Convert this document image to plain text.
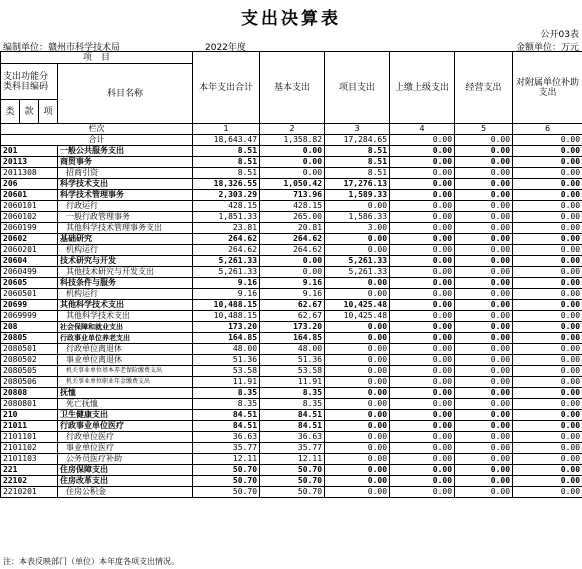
支出决算表
公开03表
编制单位：赣州市科学技术局	2022年度	金额单位：万元
项　目				本年支出合计	基本支出	项目支出	上缴上级支出	经营支出	对附属单位补助支出
支出功能分类科目编码			科目名称						

类	款	项							
栏次				1	2	3	4	5	6
合计				18,643.47	1,358.82	17,284.65	0.00	0.00	0.00
201			一般公共服务支出	8.51	0.00	8.51	0.00	0.00	0.00
20113			商贸事务	8.51	0.00	8.51	0.00	0.00	0.00
2011308			招商引资	8.51	0.00	8.51	0.00	0.00	0.00
206			科学技术支出	18,326.55	1,050.42	17,276.13	0.00	0.00	0.00
20601			科学技术管理事务	2,303.29	713.96	1,589.33	0.00	0.00	0.00
2060101			行政运行	428.15	428.15	0.00	0.00	0.00	0.00
2060102			一般行政管理事务	1,851.33	265.00	1,586.33	0.00	0.00	0.00
2060199			其他科学技术管理事务支出	23.81	20.81	3.00	0.00	0.00	0.00
20602			基础研究	264.62	264.62	0.00	0.00	0.00	0.00
2060201			机构运行	264.62	264.62	0.00	0.00	0.00	0.00
20604			技术研究与开发	5,261.33	0.00	5,261.33	0.00	0.00	0.00
2060499			其他技术研究与开发支出	5,261.33	0.00	5,261.33	0.00	0.00	0.00
20605			科技条件与服务	9.16	9.16	0.00	0.00	0.00	0.00
2060501			机构运行	9.16	9.16	0.00	0.00	0.00	0.00
20699			其他科学技术支出	10,488.15	62.67	10,425.48	0.00	0.00	0.00
2069999			其他科学技术支出	10,488.15	62.67	10,425.48	0.00	0.00	0.00
208			社会保障和就业支出	173.20	173.20	0.00	0.00	0.00	0.00
20805			行政事业单位养老支出	164.85	164.85	0.00	0.00	0.00	0.00
2080501			行政单位离退休	48.00	48.00	0.00	0.00	0.00	0.00
2080502			事业单位离退休	51.36	51.36	0.00	0.00	0.00	0.00
2080505			机关事业单位基本养老保险缴费支出	53.58	53.58	0.00	0.00	0.00	0.00
2080506			机关事业单位职业年金缴费支出	11.91	11.91	0.00	0.00	0.00	0.00
20808			抚恤	8.35	8.35	0.00	0.00	0.00	0.00
2080801			死亡抚恤	8.35	8.35	0.00	0.00	0.00	0.00
210			卫生健康支出	84.51	84.51	0.00	0.00	0.00	0.00
21011			行政事业单位医疗	84.51	84.51	0.00	0.00	0.00	0.00
2101101			行政单位医疗	36.63	36.63	0.00	0.00	0.00	0.00
2101102			事业单位医疗	35.77	35.77	0.00	0.00	0.00	0.00
2101103			公务员医疗补助	12.11	12.11	0.00	0.00	0.00	0.00
221			住房保障支出	50.70	50.70	0.00	0.00	0.00	0.00
22102			住房改革支出	50.70	50.70	0.00	0.00	0.00	0.00
2210201			住房公积金	50.70	50.70	0.00	0.00	0.00	0.00
注：本表反映部门（单位）本年度各项支出情况。
